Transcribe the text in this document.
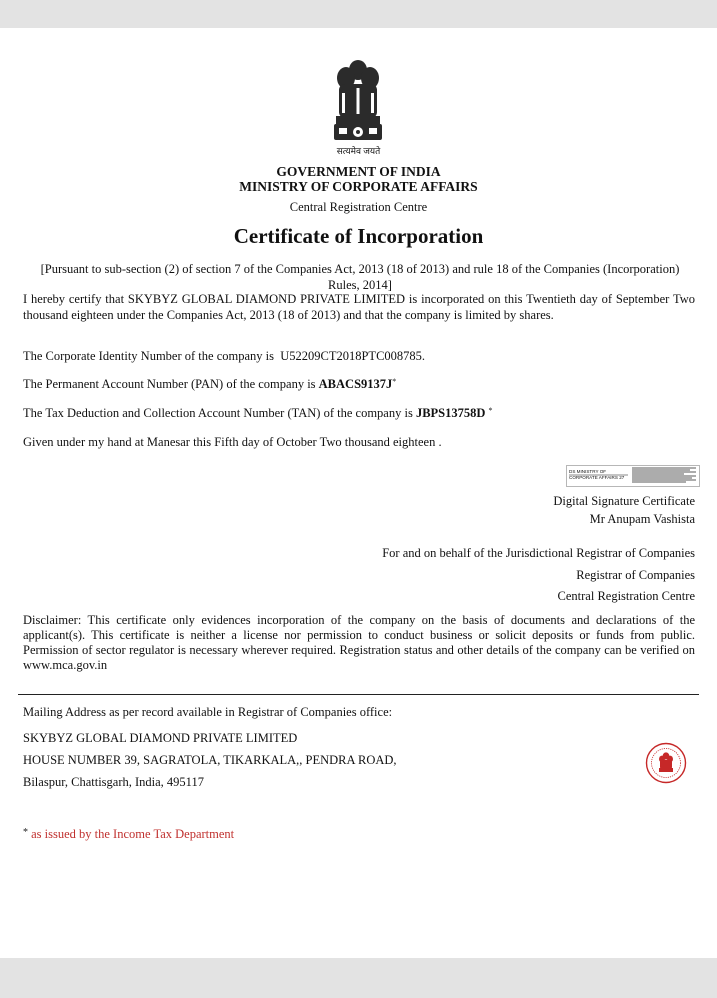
सत्यमेव जयते
GOVERNMENT OF INDIA
MINISTRY OF CORPORATE AFFAIRS
Central Registration Centre
Certificate of Incorporation
[Pursuant to sub-section (2) of section 7 of the Companies Act, 2013 (18 of 2013) and rule 18 of the Companies (Incorporation) Rules, 2014]
I hereby certify that SKYBYZ GLOBAL DIAMOND PRIVATE LIMITED is incorporated on this Twentieth day of September Two thousand eighteen under the Companies Act, 2013 (18 of 2013) and that the company is limited by shares.
The Corporate Identity Number of the company is U52209CT2018PTC008785.
The Permanent Account Number (PAN) of the company is ABACS9137J*
The Tax Deduction and Collection Account Number (TAN) of the company is JBPS13758D *
Given under my hand at Manesar this Fifth day of October Two thousand eighteen .
DS MINISTRY OF
CORPORATE AFFAIRS 27
Digital Signature Certificate
Mr Anupam Vashista
For and on behalf of the Jurisdictional Registrar of Companies
Registrar of Companies
Central Registration Centre
Disclaimer: This certificate only evidences incorporation of the company on the basis of documents and declarations of the applicant(s). This certificate is neither a license nor permission to conduct business or solicit deposits or funds from public. Permission of sector regulator is necessary wherever required. Registration status and other details of the company can be verified on www.mca.gov.in
Mailing Address as per record available in Registrar of Companies office:
SKYBYZ GLOBAL DIAMOND PRIVATE LIMITED
HOUSE NUMBER 39, SAGRATOLA, TIKARKALA,, PENDRA ROAD,
Bilaspur, Chattisgarh, India, 495117
* as issued by the Income Tax Department
